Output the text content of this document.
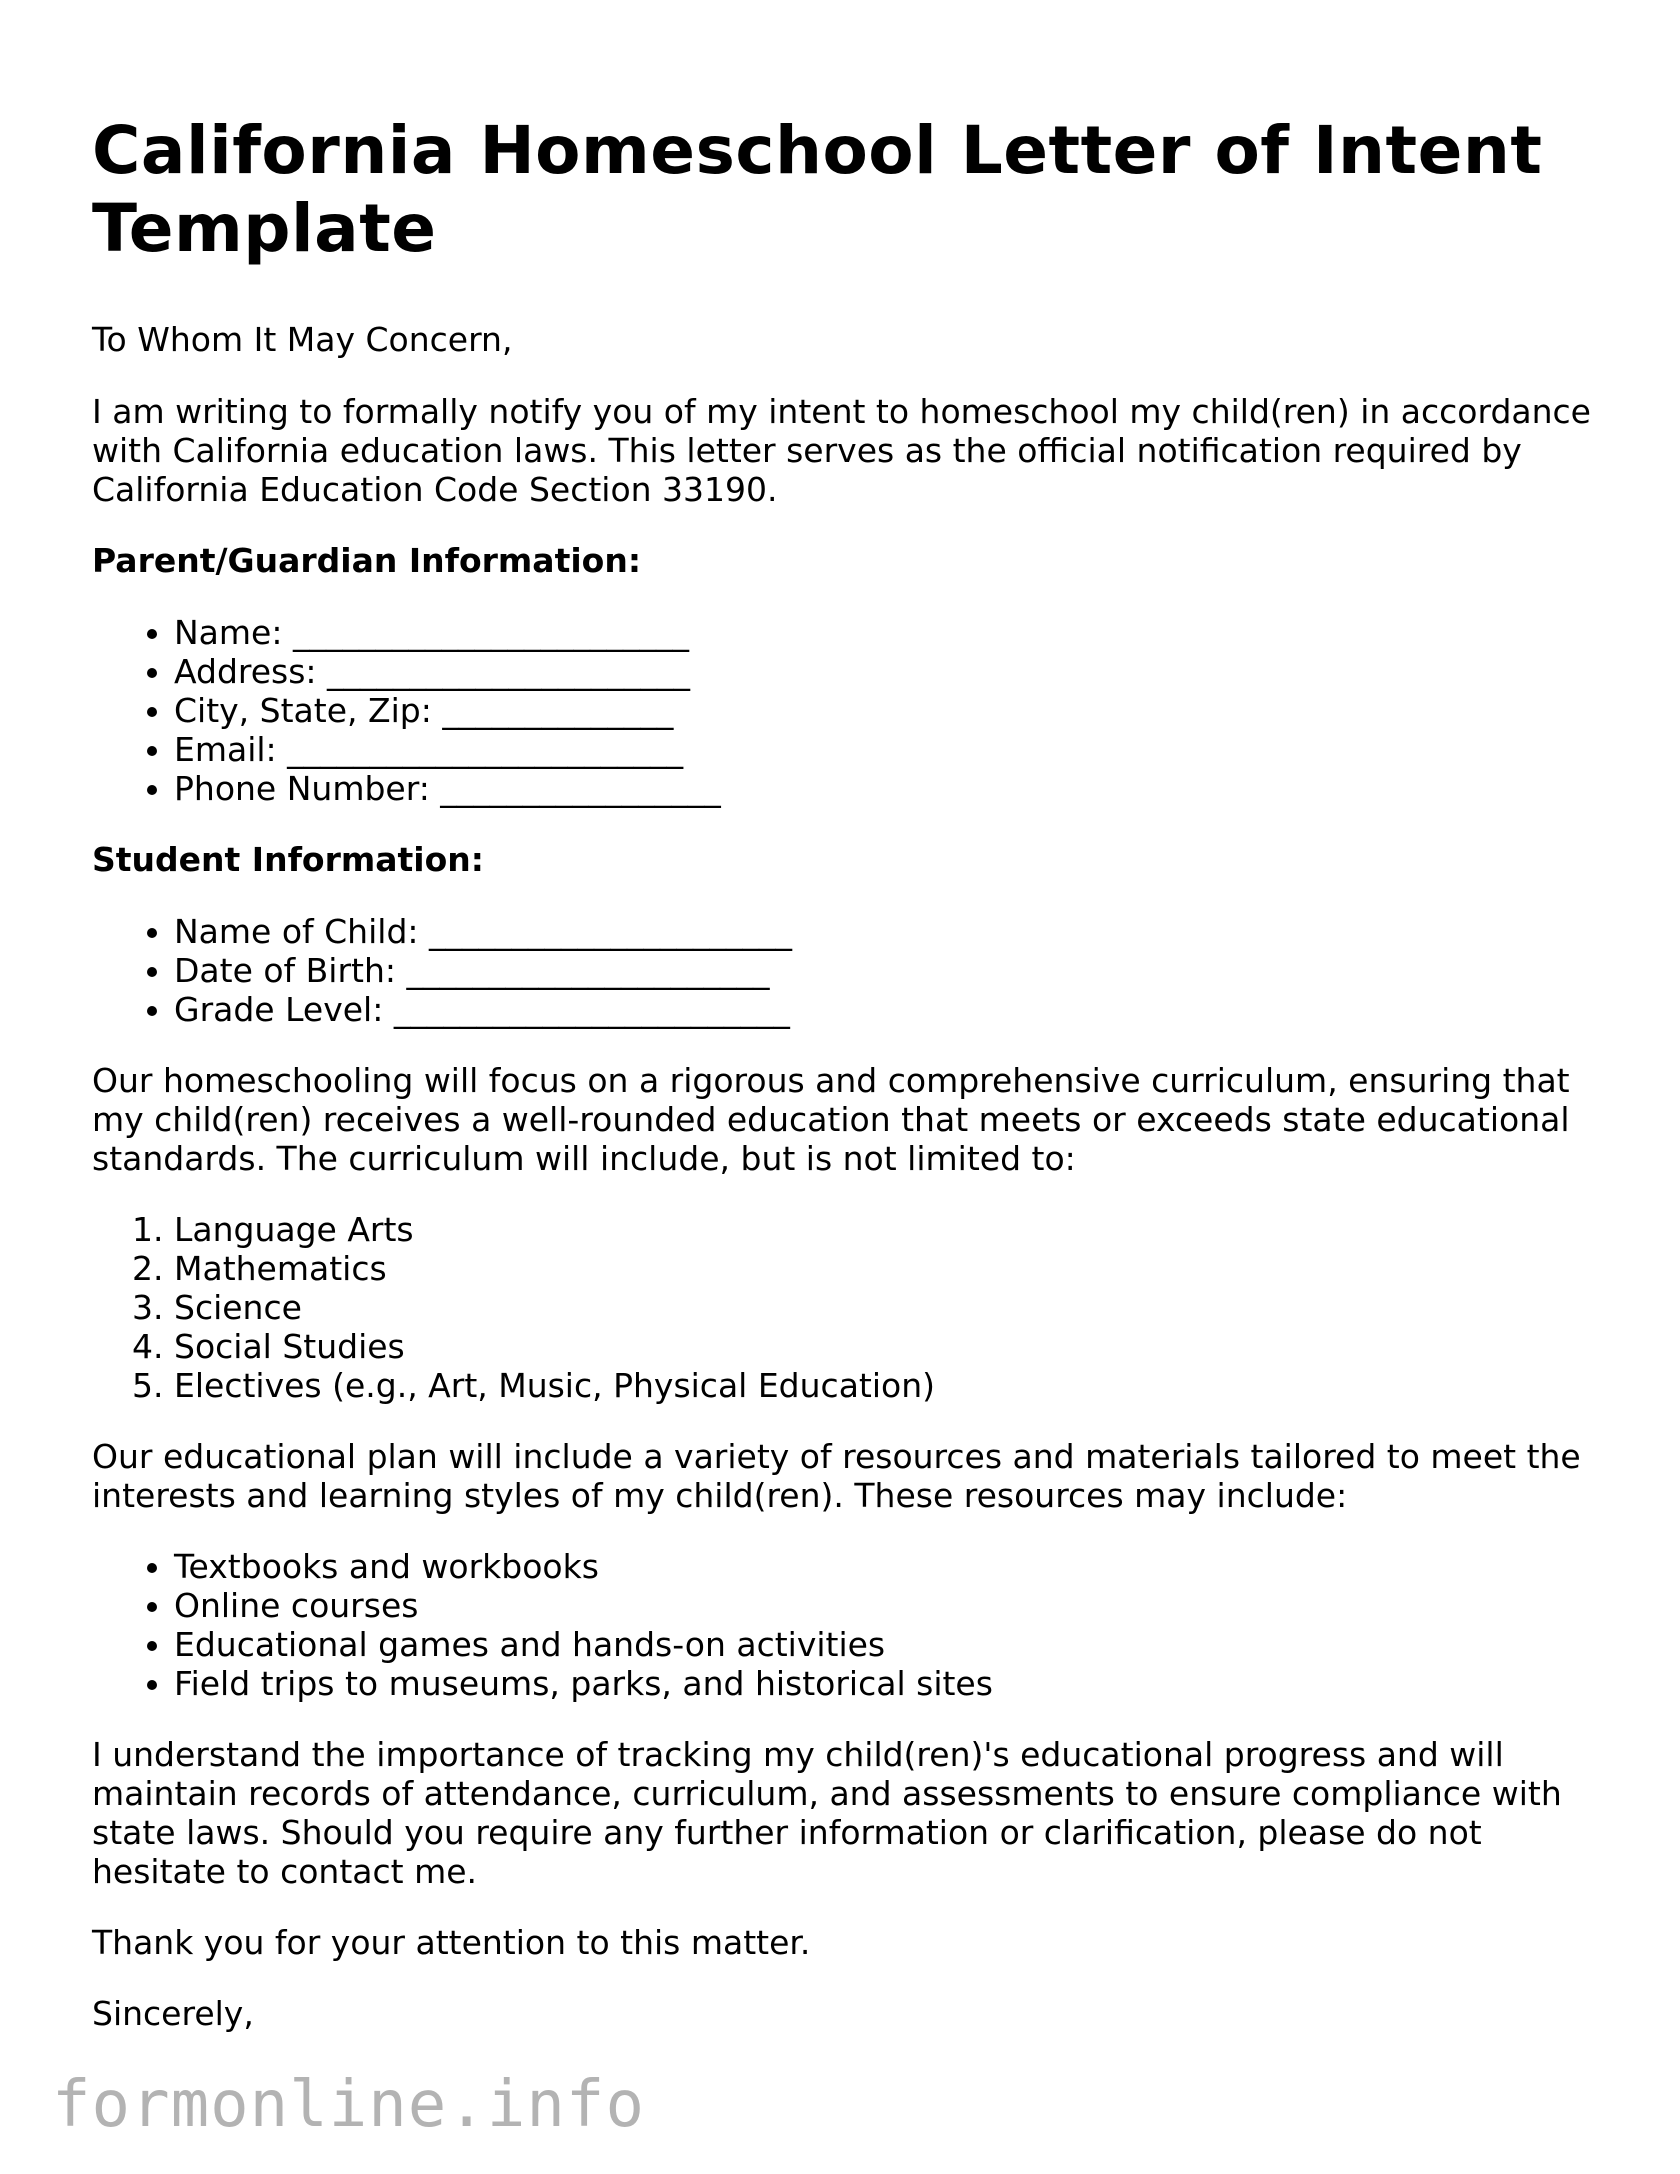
California Homeschool Letter of Intent Template
To Whom It May Concern,

I am writing to formally notify you of my intent to homeschool my child(ren) in accordance with California education laws. This letter serves as the official notification required by California Education Code Section 33190.

Parent/Guardian Information:
• Name: ________________________
• Address: ______________________
• City, State, Zip: ______________
• Email: ________________________
• Phone Number: _________________
Student Information:
• Name of Child: ______________________
• Date of Birth: ______________________
• Grade Level: ________________________

Our homeschooling will focus on a rigorous and comprehensive curriculum, ensuring that my child(ren) receives a well-rounded education that meets or exceeds state educational standards. The curriculum will include, but is not limited to:

1. Language Arts
2. Mathematics
3. Science
4. Social Studies
5. Electives (e.g., Art, Music, Physical Education)

Our educational plan will include a variety of resources and materials tailored to meet the interests and learning styles of my child(ren). These resources may include:

• Textbooks and workbooks
• Online courses
• Educational games and hands-on activities
• Field trips to museums, parks, and historical sites

I understand the importance of tracking my child(ren)'s educational progress and will maintain records of attendance, curriculum, and assessments to ensure compliance with state laws. Should you require any further information or clarification, please do not hesitate to contact me.

Thank you for your attention to this matter.

Sincerely,

formonline.info
